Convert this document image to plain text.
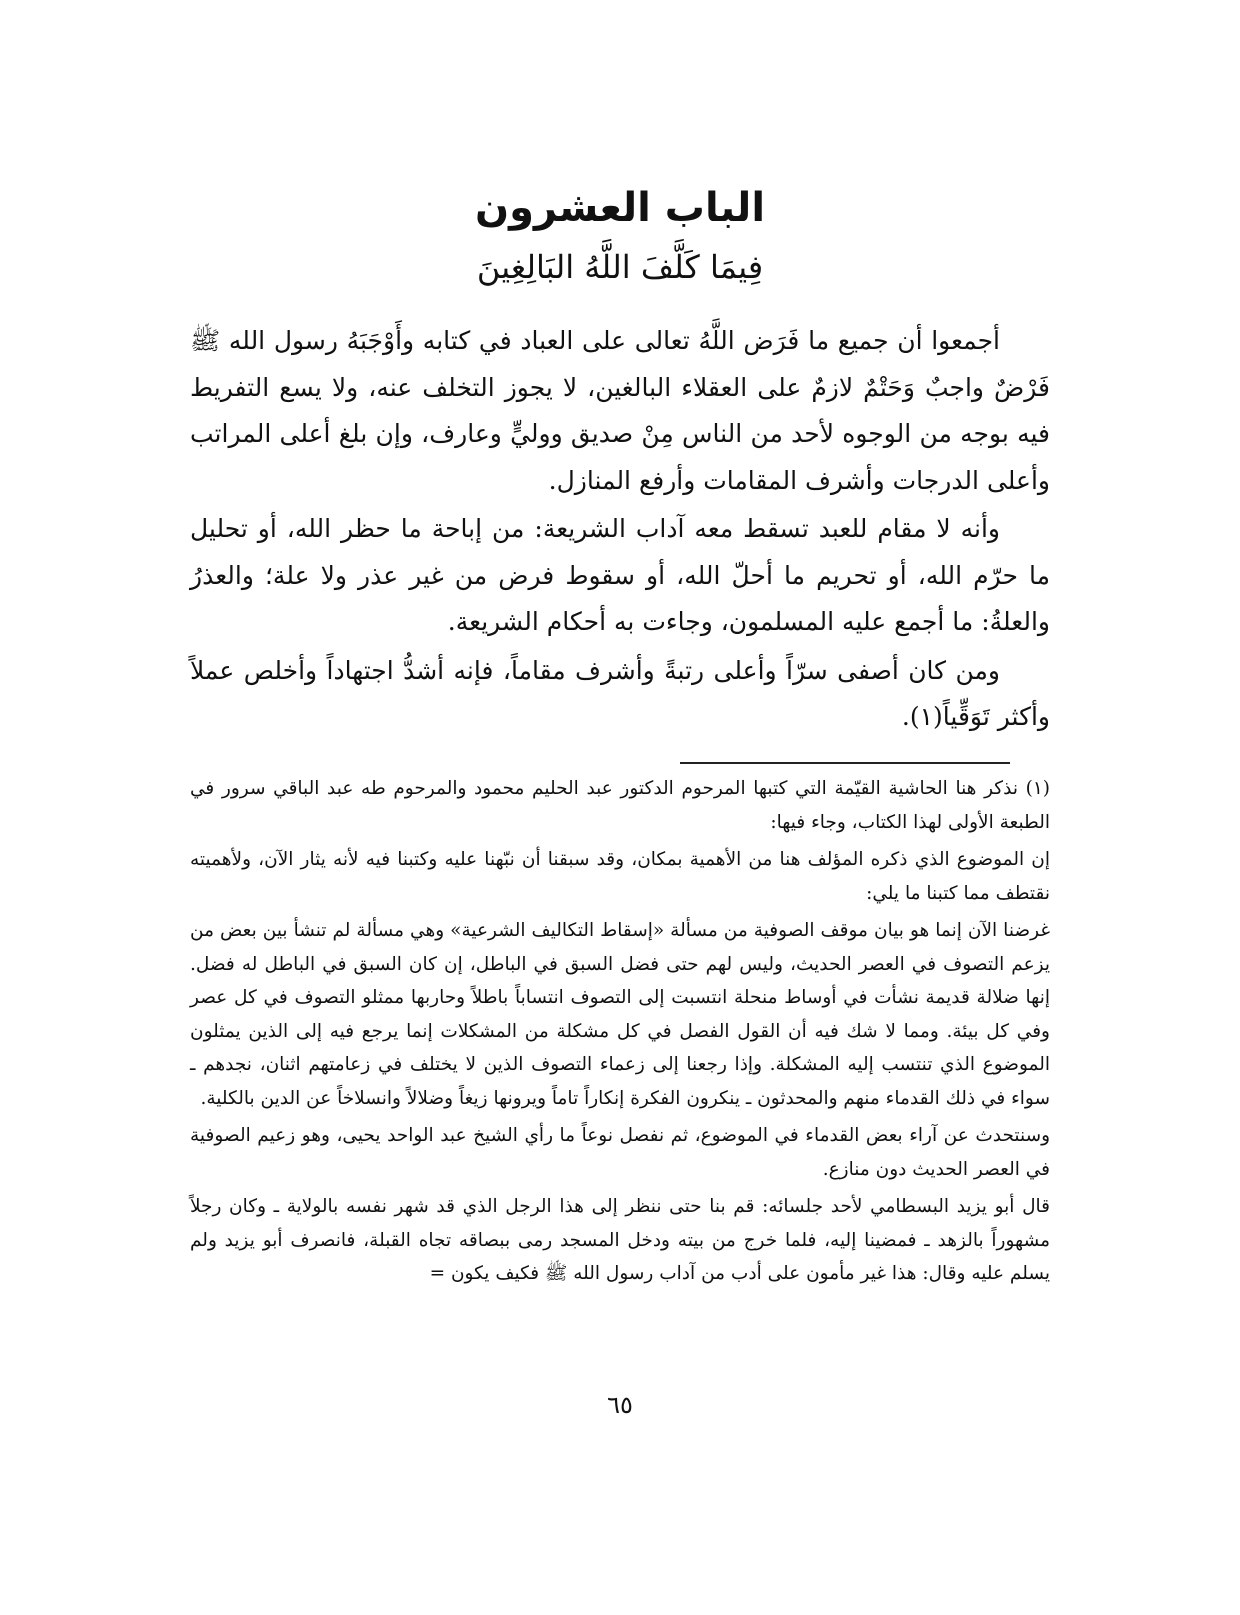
الباب العشرون
فِيمَا كَلَّفَ اللَّهُ البَالِغِينَ

أجمعوا أن جميع ما فَرَض اللَّهُ تعالى على العباد في كتابه وأَوْجَبَهُ رسول الله ﷺ فَرْضٌ واجبٌ وَحَتْمٌ لازمٌ على العقلاء البالغين، لا يجوز التخلف عنه، ولا يسع التفريط فيه بوجه من الوجوه لأحد من الناس مِنْ صديق ووليٍّ وعارف، وإن بلغ أعلى المراتب وأعلى الدرجات وأشرف المقامات وأرفع المنازل.

وأنه لا مقام للعبد تسقط معه آداب الشريعة: من إباحة ما حظر الله، أو تحليل ما حرّم الله، أو تحريم ما أحلّ الله، أو سقوط فرض من غير عذر ولا علة؛ والعذرُ والعلةُ: ما أجمع عليه المسلمون، وجاءت به أحكام الشريعة.

ومن كان أصفى سرّاً وأعلى رتبةً وأشرف مقاماً، فإنه أشدُّ اجتهاداً وأخلص عملاً وأكثر تَوَقِّياً(١).

(١) نذكر هنا الحاشية القيّمة التي كتبها المرحوم الدكتور عبد الحليم محمود والمرحوم طه عبد الباقي سرور في الطبعة الأولى لهذا الكتاب، وجاء فيها:

إن الموضوع الذي ذكره المؤلف هنا من الأهمية بمكان، وقد سبقنا أن نبّهنا عليه وكتبنا فيه لأنه يثار الآن، ولأهميته نقتطف مما كتبنا ما يلي:

غرضنا الآن إنما هو بيان موقف الصوفية من مسألة «إسقاط التكاليف الشرعية» وهي مسألة لم تنشأ بين بعض من يزعم التصوف في العصر الحديث، وليس لهم حتى فضل السبق في الباطل، إن كان السبق في الباطل له فضل. إنها ضلالة قديمة نشأت في أوساط منحلة انتسبت إلى التصوف انتساباً باطلاً وحاربها ممثلو التصوف في كل عصر وفي كل بيئة. ومما لا شك فيه أن القول الفصل في كل مشكلة من المشكلات إنما يرجع فيه إلى الذين يمثلون الموضوع الذي تنتسب إليه المشكلة. وإذا رجعنا إلى زعماء التصوف الذين لا يختلف في زعامتهم اثنان، نجدهم ـ سواء في ذلك القدماء منهم والمحدثون ـ ينكرون الفكرة إنكاراً تاماً ويرونها زيغاً وضلالاً وانسلاخاً عن الدين بالكلية.

وسنتحدث عن آراء بعض القدماء في الموضوع، ثم نفصل نوعاً ما رأي الشيخ عبد الواحد يحيى، وهو زعيم الصوفية في العصر الحديث دون منازع.

قال أبو يزيد البسطامي لأحد جلسائه: قم بنا حتى ننظر إلى هذا الرجل الذي قد شهر نفسه بالولاية ـ وكان رجلاً مشهوراً بالزهد ـ فمضينا إليه، فلما خرج من بيته ودخل المسجد رمى ببصاقه تجاه القبلة، فانصرف أبو يزيد ولم يسلم عليه وقال: هذا غير مأمون على أدب من آداب رسول الله ﷺ فكيف يكون =

٦٥
